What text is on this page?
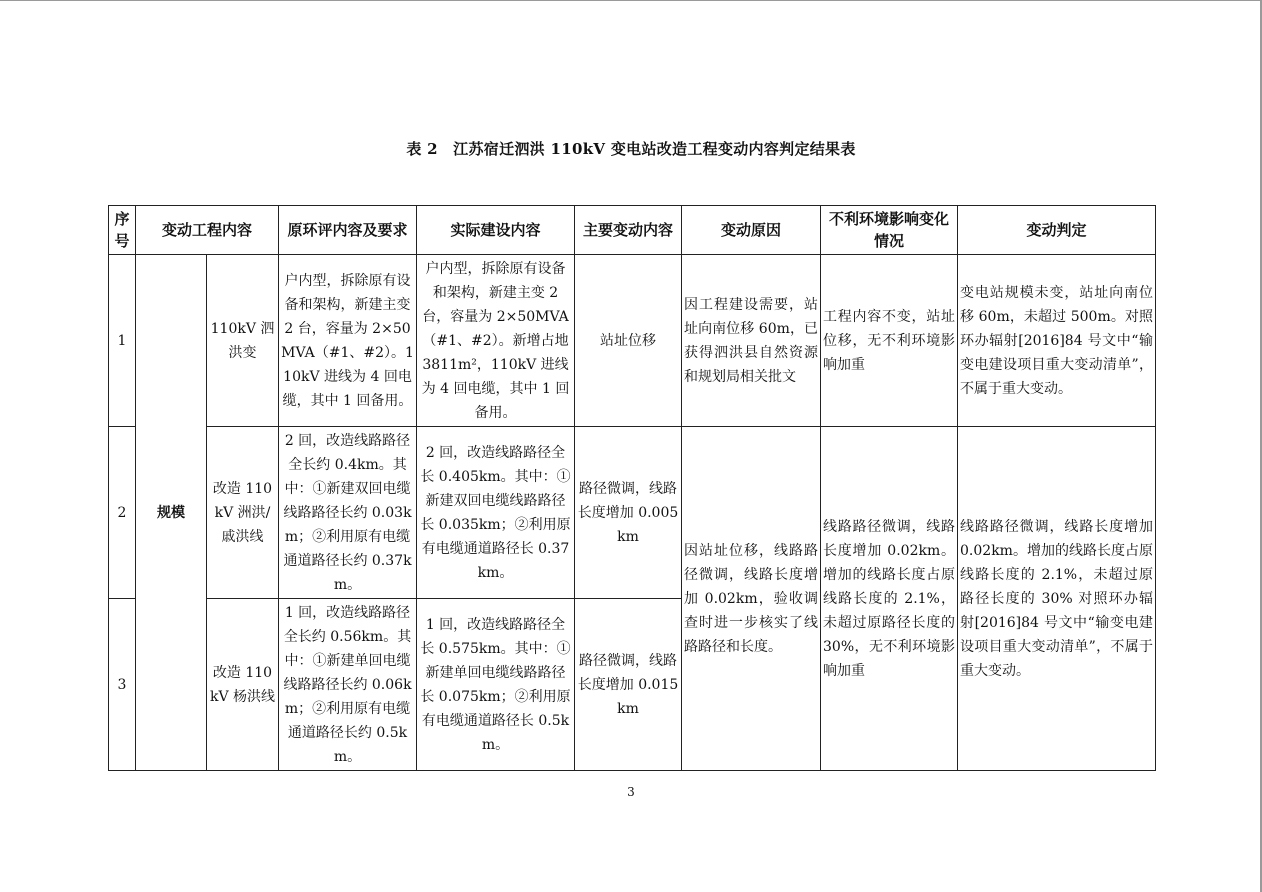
表 2　江苏宿迁泗洪 110kV 变电站改造工程变动内容判定结果表
序号	变动工程内容		原环评内容及要求	实际建设内容	主要变动内容	变动原因	不利环境影响变化情况	变动判定
1	规模	110kV 泗洪变	户内型，拆除原有设备和架构，新建主变 2 台，容量为 2×50MVA（#1、#2）。110kV 进线为 4 回电缆，其中 1 回备用。	户内型，拆除原有设备和架构，新建主变 2 台，容量为 2×50MVA（#1、#2）。新增占地 3811m²，110kV 进线为 4 回电缆，其中 1 回备用。	站址位移	因工程建设需要，站址向南位移 60m，已获得泗洪县自然资源和规划局相关批文	工程内容不变，站址位移，无不利环境影响加重	变电站规模未变，站址向南位移 60m，未超过 500m。对照环办辐射[2016]84 号文中“输变电建设项目重大变动清单”，不属于重大变动。
2		改造 110kV 洲洪/戚洪线	2 回，改造线路路径全长约 0.4km。其中：①新建双回电缆线路路径长约 0.03km；②利用原有电缆通道路径长约 0.37km。	2 回，改造线路路径全长 0.405km。其中：①新建双回电缆线路路径长 0.035km；②利用原有电缆通道路径长 0.37km。	路径微调，线路长度增加 0.005km	因站址位移，线路路径微调，线路长度增加 0.02km，验收调查时进一步核实了线路路径和长度。	线路路径微调，线路长度增加 0.02km。增加的线路长度占原线路长度的 2.1%，未超过原路径长度的30%，无不利环境影响加重	线路路径微调，线路长度增加 0.02km。增加的线路长度占原线路长度的 2.1%，未超过原路径长度的 30% 对照环办辐射[2016]84 号文中“输变电建设项目重大变动清单”，不属于重大变动。
3		改造 110kV 杨洪线	1 回，改造线路路径全长约 0.56km。其中：①新建单回电缆线路路径长约 0.06km；②利用原有电缆通道路径长约 0.5km。	1 回，改造线路路径全长 0.575km。其中：①新建单回电缆线路路径长 0.075km；②利用原有电缆通道路径长 0.5km。	路径微调，线路长度增加 0.015km			
3
